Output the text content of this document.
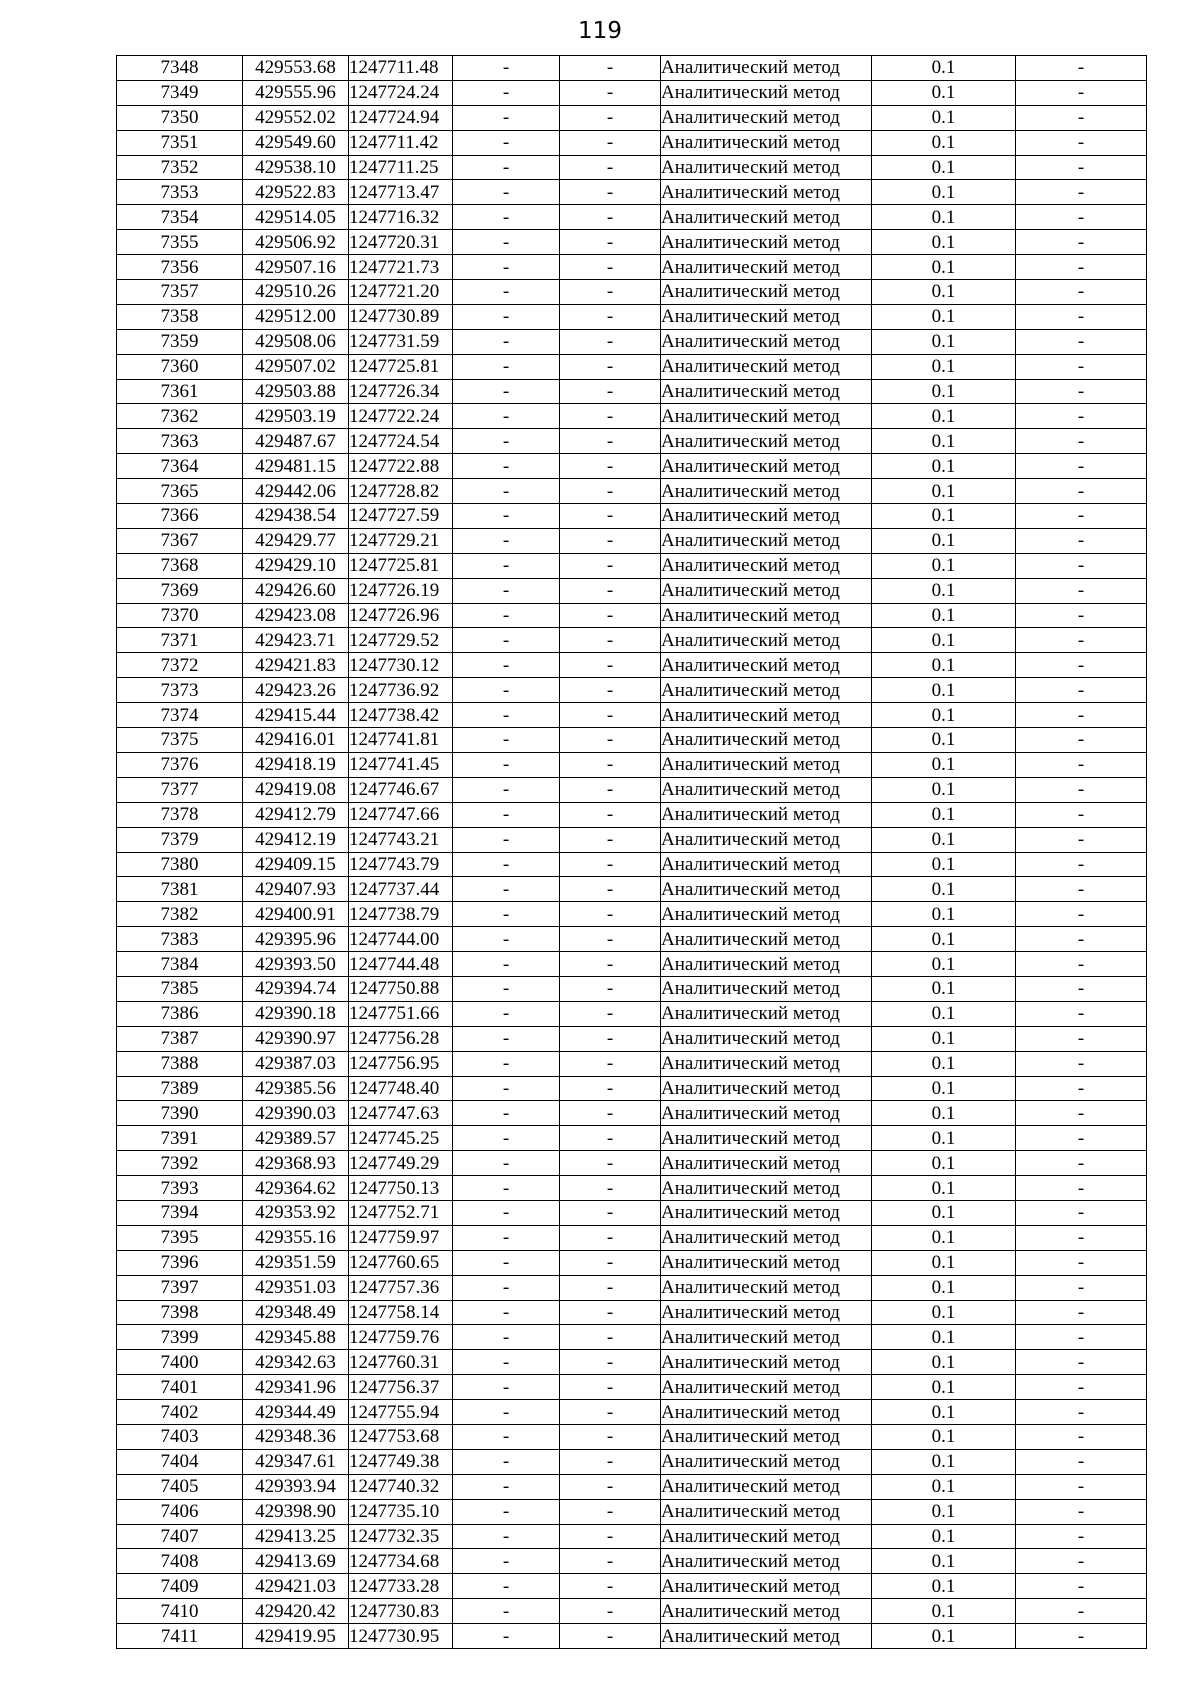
119
7348	429553.68	1247711.48	-	-	Аналитический метод	0.1	-
7349	429555.96	1247724.24	-	-	Аналитический метод	0.1	-
7350	429552.02	1247724.94	-	-	Аналитический метод	0.1	-
7351	429549.60	1247711.42	-	-	Аналитический метод	0.1	-
7352	429538.10	1247711.25	-	-	Аналитический метод	0.1	-
7353	429522.83	1247713.47	-	-	Аналитический метод	0.1	-
7354	429514.05	1247716.32	-	-	Аналитический метод	0.1	-
7355	429506.92	1247720.31	-	-	Аналитический метод	0.1	-
7356	429507.16	1247721.73	-	-	Аналитический метод	0.1	-
7357	429510.26	1247721.20	-	-	Аналитический метод	0.1	-
7358	429512.00	1247730.89	-	-	Аналитический метод	0.1	-
7359	429508.06	1247731.59	-	-	Аналитический метод	0.1	-
7360	429507.02	1247725.81	-	-	Аналитический метод	0.1	-
7361	429503.88	1247726.34	-	-	Аналитический метод	0.1	-
7362	429503.19	1247722.24	-	-	Аналитический метод	0.1	-
7363	429487.67	1247724.54	-	-	Аналитический метод	0.1	-
7364	429481.15	1247722.88	-	-	Аналитический метод	0.1	-
7365	429442.06	1247728.82	-	-	Аналитический метод	0.1	-
7366	429438.54	1247727.59	-	-	Аналитический метод	0.1	-
7367	429429.77	1247729.21	-	-	Аналитический метод	0.1	-
7368	429429.10	1247725.81	-	-	Аналитический метод	0.1	-
7369	429426.60	1247726.19	-	-	Аналитический метод	0.1	-
7370	429423.08	1247726.96	-	-	Аналитический метод	0.1	-
7371	429423.71	1247729.52	-	-	Аналитический метод	0.1	-
7372	429421.83	1247730.12	-	-	Аналитический метод	0.1	-
7373	429423.26	1247736.92	-	-	Аналитический метод	0.1	-
7374	429415.44	1247738.42	-	-	Аналитический метод	0.1	-
7375	429416.01	1247741.81	-	-	Аналитический метод	0.1	-
7376	429418.19	1247741.45	-	-	Аналитический метод	0.1	-
7377	429419.08	1247746.67	-	-	Аналитический метод	0.1	-
7378	429412.79	1247747.66	-	-	Аналитический метод	0.1	-
7379	429412.19	1247743.21	-	-	Аналитический метод	0.1	-
7380	429409.15	1247743.79	-	-	Аналитический метод	0.1	-
7381	429407.93	1247737.44	-	-	Аналитический метод	0.1	-
7382	429400.91	1247738.79	-	-	Аналитический метод	0.1	-
7383	429395.96	1247744.00	-	-	Аналитический метод	0.1	-
7384	429393.50	1247744.48	-	-	Аналитический метод	0.1	-
7385	429394.74	1247750.88	-	-	Аналитический метод	0.1	-
7386	429390.18	1247751.66	-	-	Аналитический метод	0.1	-
7387	429390.97	1247756.28	-	-	Аналитический метод	0.1	-
7388	429387.03	1247756.95	-	-	Аналитический метод	0.1	-
7389	429385.56	1247748.40	-	-	Аналитический метод	0.1	-
7390	429390.03	1247747.63	-	-	Аналитический метод	0.1	-
7391	429389.57	1247745.25	-	-	Аналитический метод	0.1	-
7392	429368.93	1247749.29	-	-	Аналитический метод	0.1	-
7393	429364.62	1247750.13	-	-	Аналитический метод	0.1	-
7394	429353.92	1247752.71	-	-	Аналитический метод	0.1	-
7395	429355.16	1247759.97	-	-	Аналитический метод	0.1	-
7396	429351.59	1247760.65	-	-	Аналитический метод	0.1	-
7397	429351.03	1247757.36	-	-	Аналитический метод	0.1	-
7398	429348.49	1247758.14	-	-	Аналитический метод	0.1	-
7399	429345.88	1247759.76	-	-	Аналитический метод	0.1	-
7400	429342.63	1247760.31	-	-	Аналитический метод	0.1	-
7401	429341.96	1247756.37	-	-	Аналитический метод	0.1	-
7402	429344.49	1247755.94	-	-	Аналитический метод	0.1	-
7403	429348.36	1247753.68	-	-	Аналитический метод	0.1	-
7404	429347.61	1247749.38	-	-	Аналитический метод	0.1	-
7405	429393.94	1247740.32	-	-	Аналитический метод	0.1	-
7406	429398.90	1247735.10	-	-	Аналитический метод	0.1	-
7407	429413.25	1247732.35	-	-	Аналитический метод	0.1	-
7408	429413.69	1247734.68	-	-	Аналитический метод	0.1	-
7409	429421.03	1247733.28	-	-	Аналитический метод	0.1	-
7410	429420.42	1247730.83	-	-	Аналитический метод	0.1	-
7411	429419.95	1247730.95	-	-	Аналитический метод	0.1	-
